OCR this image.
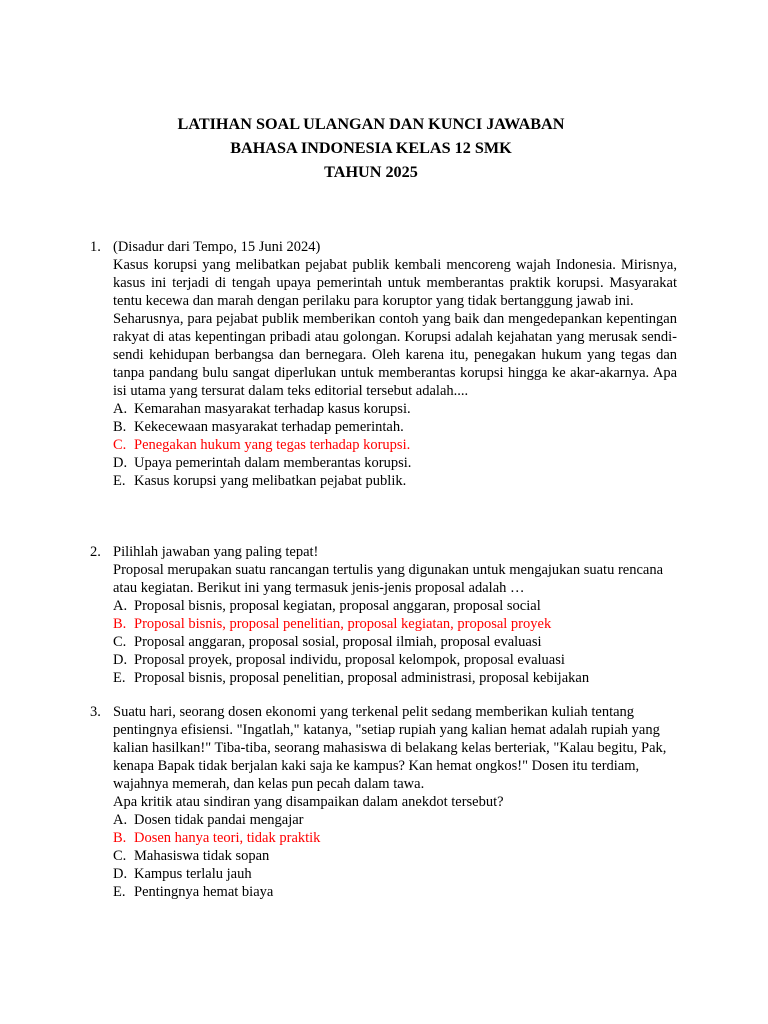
LATIHAN SOAL ULANGAN DAN KUNCI JAWABAN
BAHASA INDONESIA KELAS 12 SMK
TAHUN 2025
1. (Disadur dari Tempo, 15 Juni 2024)

Kasus korupsi yang melibatkan pejabat publik kembali mencoreng wajah Indonesia. Mirisnya, kasus ini terjadi di tengah upaya pemerintah untuk memberantas praktik korupsi. Masyarakat tentu kecewa dan marah dengan perilaku para koruptor yang tidak bertanggung jawab ini.

Seharusnya, para pejabat publik memberikan contoh yang baik dan mengedepankan kepentingan rakyat di atas kepentingan pribadi atau golongan. Korupsi adalah kejahatan yang merusak sendi-sendi kehidupan berbangsa dan bernegara. Oleh karena itu, penegakan hukum yang tegas dan tanpa pandang bulu sangat diperlukan untuk memberantas korupsi hingga ke akar-akarnya. Apa isi utama yang tersurat dalam teks editorial tersebut adalah....

A. Kemarahan masyarakat terhadap kasus korupsi.
B. Kekecewaan masyarakat terhadap pemerintah.
C. Penegakan hukum yang tegas terhadap korupsi.
D. Upaya pemerintah dalam memberantas korupsi.
E. Kasus korupsi yang melibatkan pejabat publik.
2. Pilihlah jawaban yang paling tepat!

Proposal merupakan suatu rancangan tertulis yang digunakan untuk mengajukan suatu rencana atau kegiatan. Berikut ini yang termasuk jenis-jenis proposal adalah …

A. Proposal bisnis, proposal kegiatan, proposal anggaran, proposal social
B. Proposal bisnis, proposal penelitian, proposal kegiatan, proposal proyek
C. Proposal anggaran, proposal sosial, proposal ilmiah, proposal evaluasi
D. Proposal proyek, proposal individu, proposal kelompok, proposal evaluasi
E. Proposal bisnis, proposal penelitian, proposal administrasi, proposal kebijakan
3. Suatu hari, seorang dosen ekonomi yang terkenal pelit sedang memberikan kuliah tentang pentingnya efisiensi. "Ingatlah," katanya, "setiap rupiah yang kalian hemat adalah rupiah yang kalian hasilkan!" Tiba-tiba, seorang mahasiswa di belakang kelas berteriak, "Kalau begitu, Pak, kenapa Bapak tidak berjalan kaki saja ke kampus? Kan hemat ongkos!" Dosen itu terdiam, wajahnya memerah, dan kelas pun pecah dalam tawa.

Apa kritik atau sindiran yang disampaikan dalam anekdot tersebut?

A. Dosen tidak pandai mengajar
B. Dosen hanya teori, tidak praktik
C. Mahasiswa tidak sopan
D. Kampus terlalu jauh
E. Pentingnya hemat biaya
